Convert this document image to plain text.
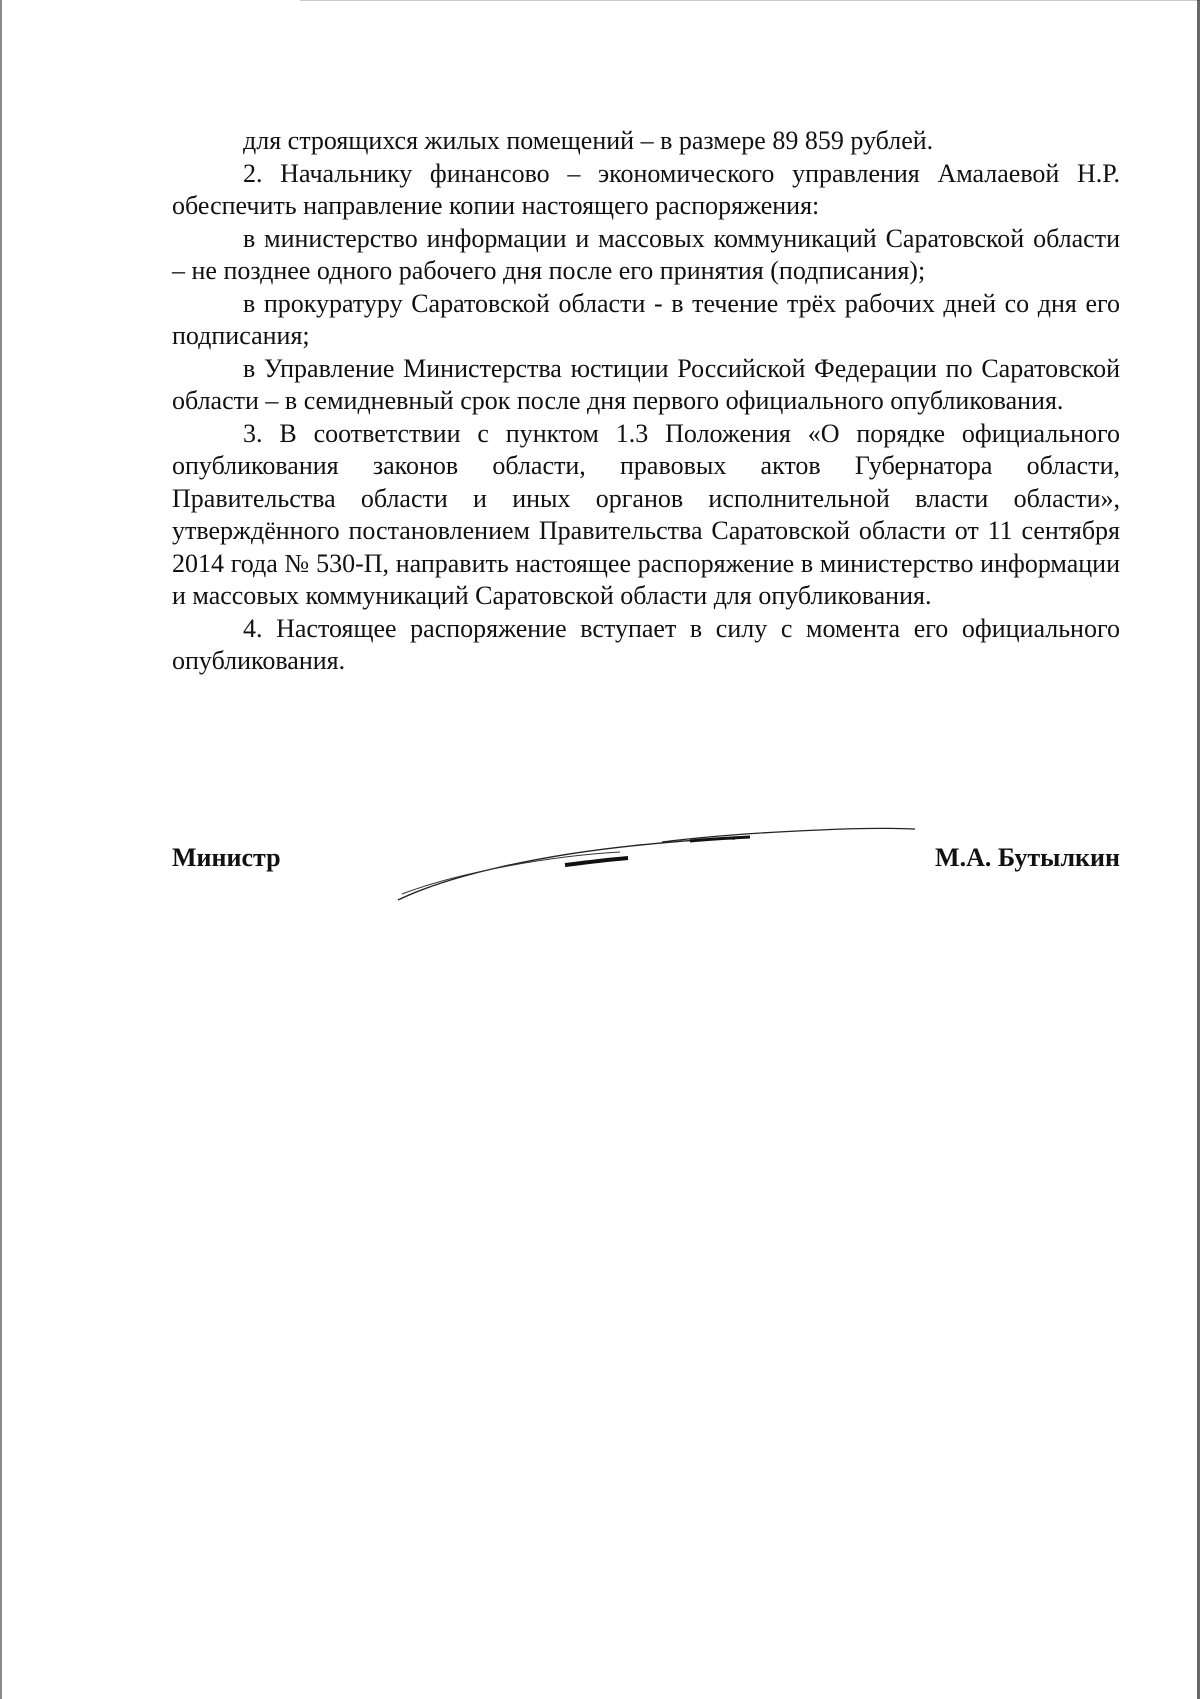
для строящихся жилых помещений – в размере 89 859 рублей.

2. Начальнику финансово – экономического управления Амалаевой Н.Р. обеспечить направление копии настоящего распоряжения:

в министерство информации и массовых коммуникаций Саратовской области – не позднее одного рабочего дня после его принятия (подписания);

в прокуратуру Саратовской области - в течение трёх рабочих дней со дня его подписания;

в Управление Министерства юстиции Российской Федерации по Саратовской области – в семидневный срок после дня первого официального опубликования.

3. В соответствии с пунктом 1.3 Положения «О порядке официального опубликования законов области, правовых актов Губернатора области, Правительства области и иных органов исполнительной власти области», утверждённого постановлением Правительства Саратовской области от 11 сентября 2014 года № 530-П, направить настоящее распоряжение в министерство информации и массовых коммуникаций Саратовской области для опубликования.

4. Настоящее распоряжение вступает в силу с момента его официального опубликования.

Министр	М.А. Бутылкин
